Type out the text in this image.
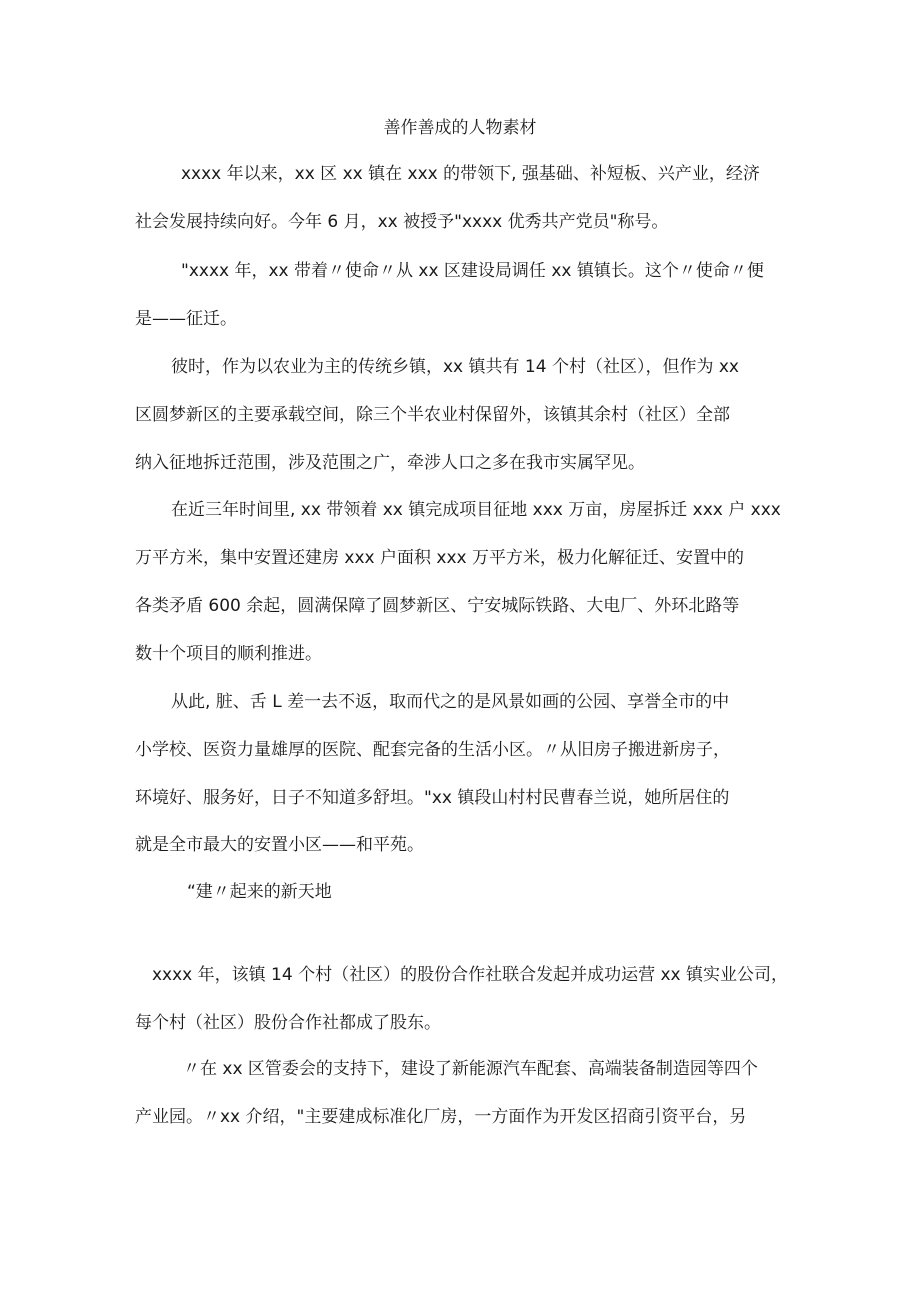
善作善成的人物素材
xxxx 年以来，xx 区 xx 镇在 xxx 的带领下, 强基础、补短板、兴产业，经济
社会发展持续向好。今年 6 月，xx 被授予"xxxx 优秀共产党员"称号。
"xxxx 年，xx 带着〃使命〃从 xx 区建设局调任 xx 镇镇长。这个〃使命〃便
是——征迁。
彼时，作为以农业为主的传统乡镇，xx 镇共有 14 个村（社区），但作为 xx
区圆梦新区的主要承载空间，除三个半农业村保留外，该镇其余村（社区）全部
纳入征地拆迁范围，涉及范围之广，牵涉人口之多在我市实属罕见。
在近三年时间里, xx 带领着 xx 镇完成项目征地 xxx 万亩，房屋拆迁 xxx 户 xxx
万平方米，集中安置还建房 xxx 户面积 xxx 万平方米，极力化解征迁、安置中的
各类矛盾 600 余起，圆满保障了圆梦新区、宁安城际铁路、大电厂、外环北路等
数十个项目的顺利推进。
从此, 脏、舌 L 差一去不返，取而代之的是风景如画的公园、享誉全市的中
小学校、医资力量雄厚的医院、配套完备的生活小区。〃从旧房子搬进新房子，
环境好、服务好，日子不知道多舒坦。"xx 镇段山村村民曹春兰说，她所居住的
就是全市最大的安置小区——和平苑。
“建〃起来的新天地
xxxx 年，该镇 14 个村（社区）的股份合作社联合发起并成功运营 xx 镇实业公司，
每个村（社区）股份合作社都成了股东。
〃在 xx 区管委会的支持下，建设了新能源汽车配套、高端装备制造园等四个
产业园。〃xx 介绍，"主要建成标准化厂房，一方面作为开发区招商引资平台，另
